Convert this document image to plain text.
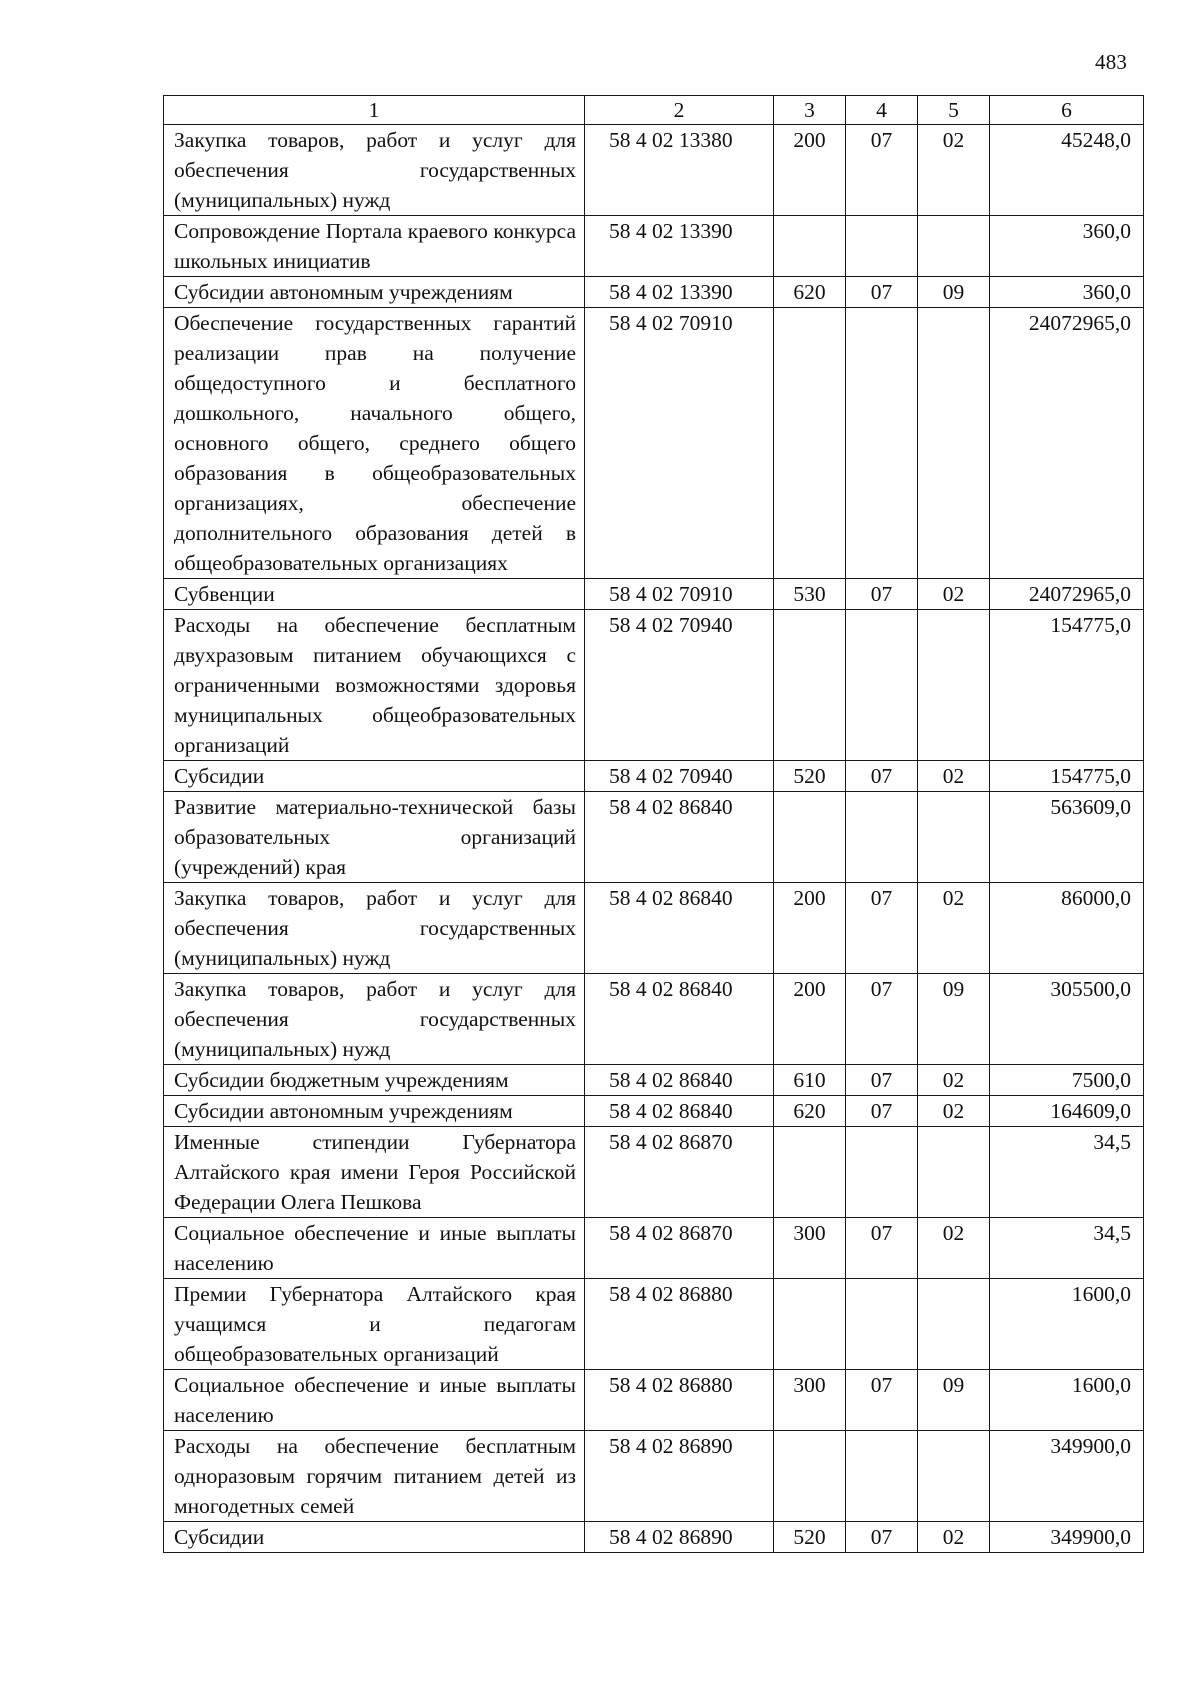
483
1	2	3	4	5	6
Закупка товаров, работ и услуг для обеспечения государственных (муниципальных) нужд	58 4 02 13380	200	07	02	45248,0
Сопровождение Портала краевого конкурса школьных инициатив	58 4 02 13390				360,0
Субсидии автономным учреждениям	58 4 02 13390	620	07	09	360,0
Обеспечение государственных гарантий реализации прав на получение общедоступного и бесплатного дошкольного, начального общего, основного общего, среднего общего образования в общеобразовательных организациях, обеспечение дополнительного образования детей в общеобразовательных организациях	58 4 02 70910				24072965,0
Субвенции	58 4 02 70910	530	07	02	24072965,0
Расходы на обеспечение бесплатным двухразовым питанием обучающихся с ограниченными возможностями здоровья муниципальных общеобразовательных организаций	58 4 02 70940				154775,0
Субсидии	58 4 02 70940	520	07	02	154775,0
Развитие материально-технической базы образовательных организаций (учреждений) края	58 4 02 86840				563609,0
Закупка товаров, работ и услуг для обеспечения государственных (муниципальных) нужд	58 4 02 86840	200	07	02	86000,0
Закупка товаров, работ и услуг для обеспечения государственных (муниципальных) нужд	58 4 02 86840	200	07	09	305500,0
Субсидии бюджетным учреждениям	58 4 02 86840	610	07	02	7500,0
Субсидии автономным учреждениям	58 4 02 86840	620	07	02	164609,0
Именные стипендии Губернатора Алтайского края имени Героя Российской Федерации Олега Пешкова	58 4 02 86870				34,5
Социальное обеспечение и иные выплаты населению	58 4 02 86870	300	07	02	34,5
Премии Губернатора Алтайского края учащимся и педагогам общеобразовательных организаций	58 4 02 86880				1600,0
Социальное обеспечение и иные выплаты населению	58 4 02 86880	300	07	09	1600,0
Расходы на обеспечение бесплатным одноразовым горячим питанием детей из многодетных семей	58 4 02 86890				349900,0
Субсидии	58 4 02 86890	520	07	02	349900,0
